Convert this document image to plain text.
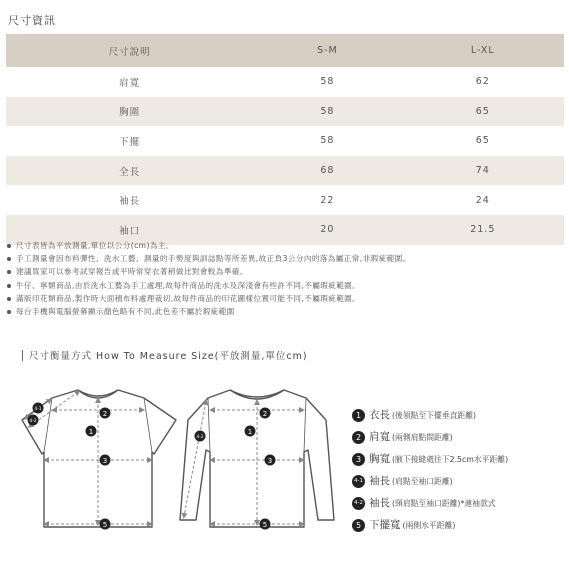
尺寸資訊
尺寸說明	S-M	L-XL
肩寬	58	62
胸圍	58	65
下擺	58	65
全長	68	74
袖長	22	24
袖口	20	21.5
尺寸表皆為平放測量,單位以公分(cm)為主。
手工測量會因布料彈性、洗水工藝、測量的手勢度與訓誌點等所差異,故正負3公分內的落為屬正常,非瑕疵範圍。
建議買家可以參考試穿報告或平時常穿衣著稍做比對會較為準確。
牛仔、寧類商品,由於洗水工藝為手工處理,故每件商品的洗水及深淺會有些許不同,不屬瑕疵範圍。
滿版印花類商品,製作時大面積布料處理裁切,故每件商品的印花圖樣位置可能不同,不屬瑕疵範圍。
每台手機與電腦螢幕顯示顏色略有不同,此色差不屬於瑕疵範圍
尺寸衡量方式 How To Measure Size(平放測量,單位cm)
2
1
3
5
4-1
4-2
2
1
3
5
4-2
1 衣長 (後領點至下擺垂直距離)
2 肩寬 (兩側肩點間距離)
3 胸寬 (腋下接縫處往下2.5cm水平距離)
4-1 袖長 (肩點至袖口距離)
4-2 袖長 (頸肩點至袖口距離)*連袖款式
5 下擺寬 (兩側水平距離)
